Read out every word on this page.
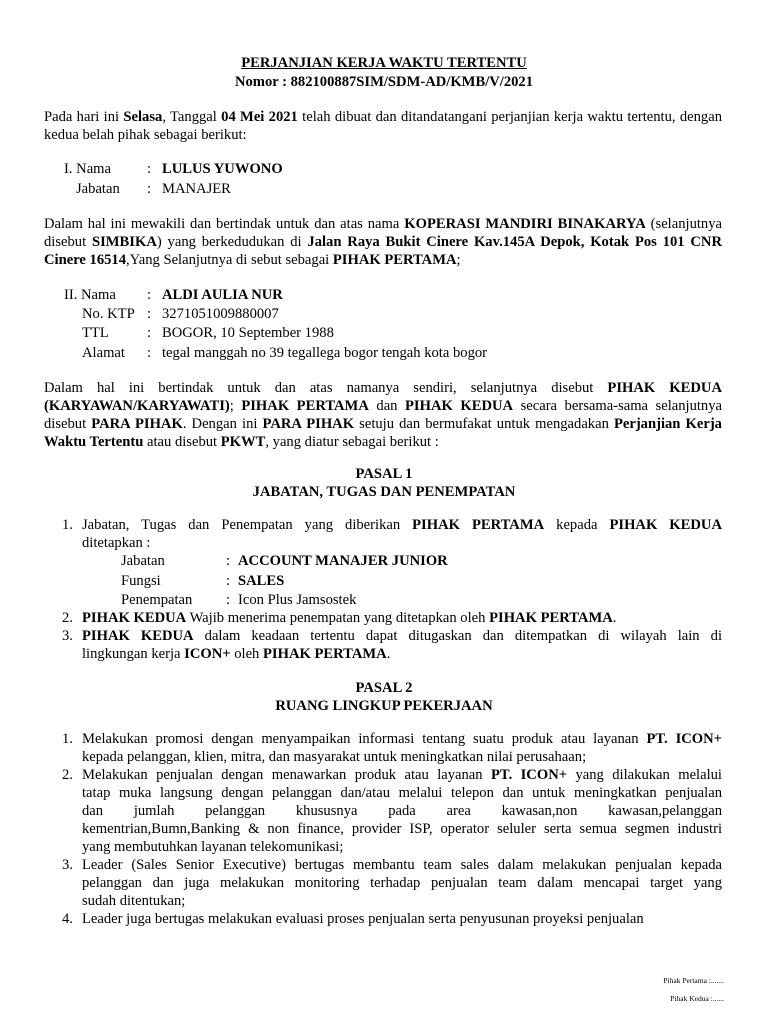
PERJANJIAN KERJA WAKTU TERTENTU
Nomor : 882100887SIM/SDM-AD/KMB/V/2021
Pada hari ini Selasa, Tanggal 04 Mei 2021 telah dibuat dan ditandatangani perjanjian kerja waktu tertentu, dengan
kedua belah pihak sebagai berikut:
I. Nama : LULUS YUWONO
Jabatan : MANAJER
Dalam hal ini mewakili dan bertindak untuk dan atas nama KOPERASI MANDIRI BINAKARYA (selanjutnya
disebut SIMBIKA) yang berkedudukan di Jalan Raya Bukit Cinere Kav.145A Depok, Kotak Pos 101 CNR
Cinere 16514,Yang Selanjutnya di sebut sebagai PIHAK PERTAMA;
II. Nama : ALDI AULIA NUR
No. KTP : 3271051009880007
TTL	: BOGOR, 10 September 1988
Alamat : tegal manggah no 39 tegallega bogor tengah kota bogor
Dalam hal ini bertindak untuk dan atas namanya sendiri, selanjutnya disebut PIHAK KEDUA
(KARYAWAN/KARYAWATI); PIHAK PERTAMA dan PIHAK KEDUA secara bersama-sama selanjutnya
disebut PARA PIHAK. Dengan ini PARA PIHAK setuju dan bermufakat untuk mengadakan Perjanjian Kerja
Waktu Tertentu atau disebut PKWT, yang diatur sebagai berikut :
PASAL 1
JABATAN, TUGAS DAN PENEMPATAN
1. Jabatan, Tugas dan Penempatan yang diberikan PIHAK PERTAMA kepada PIHAK KEDUA
ditetapkan :
Jabatan	: ACCOUNT MANAJER JUNIOR
Fungsi	: SALES
Penempatan : Icon Plus Jamsostek
2. PIHAK KEDUA Wajib menerima penempatan yang ditetapkan oleh PIHAK PERTAMA.
3. PIHAK KEDUA dalam keadaan tertentu dapat ditugaskan dan ditempatkan di wilayah lain di
lingkungan kerja ICON+ oleh PIHAK PERTAMA.
PASAL 2
RUANG LINGKUP PEKERJAAN
1. Melakukan promosi dengan menyampaikan informasi tentang suatu produk atau layanan PT. ICON+
kepada pelanggan, klien, mitra, dan masyarakat untuk meningkatkan nilai perusahaan;
2. Melakukan penjualan dengan menawarkan produk atau layanan PT. ICON+ yang dilakukan melalui
tatap muka langsung dengan pelanggan dan/atau melalui telepon dan untuk meningkatkan penjualan
dan jumlah pelanggan khususnya pada area kawasan,non kawasan,pelanggan
kementrian,Bumn,Banking & non finance, provider ISP, operator seluler serta semua segmen industri
yang membutuhkan layanan telekomunikasi;
3. Leader (Sales Senior Executive) bertugas membantu team sales dalam melakukan penjualan kepada
pelanggan dan juga melakukan monitoring terhadap penjualan team dalam mencapai target yang
sudah ditentukan;
4. Leader juga bertugas melakukan evaluasi proses penjualan serta penyusunan proyeksi penjualan
Pihak Pertama :.......
Pihak Kedua :......
